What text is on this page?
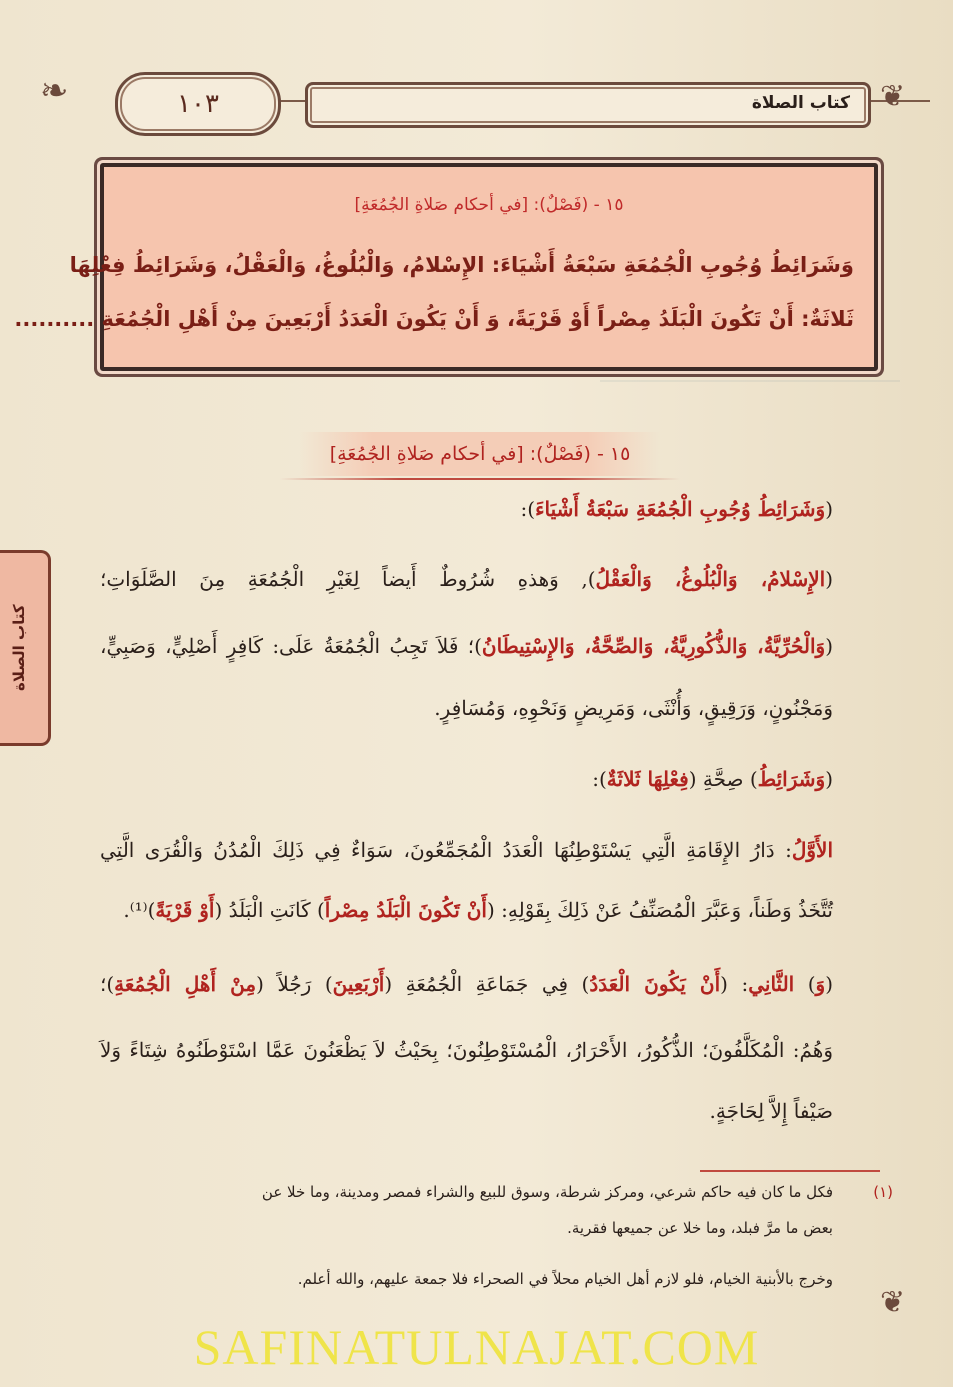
❦
كتاب الصلاة
١٠٣
❧
١٥ - (فَصْلٌ): [في أحكام صَلاةِ الجُمُعَةِ]
وَشَرَائِطُ وُجُوبِ الْجُمُعَةِ سَبْعَةُ أَشْيَاءَ: الإِسْلامُ، وَالْبُلُوغُ، وَالْعَقْلُ، وَشَرَائِطُ فِعْلِهَا
ثَلاثَةٌ: أَنْ تَكُونَ الْبَلَدُ مِصْراً أَوْ قَرْيَةً، وَ أَنْ يَكُونَ الْعَدَدُ أَرْبَعِينَ مِنْ أَهْلِ الْجُمُعَةِ ..........
١٥ - (فَصْلٌ): [في أحكام صَلاةِ الجُمُعَةِ]
كتاب الصلاة
(وَشَرَائِطُ وُجُوبِ الْجُمُعَةِ سَبْعَةُ أَشْيَاءَ):
(الإِسْلامُ، وَالْبُلُوغُ، وَالْعَقْلُ), وَهذهِ شُرُوطٌ أَيضاً لِغَيْرِ الْجُمُعَةِ مِنَ الصَّلَوَاتِ؛
(وَالْحُرِّيَّةُ، وَالذُّكُورِيَّةُ، وَالصِّحَّةُ، وَالإِسْتِيطَانُ)؛ فَلاَ تَجِبُ الْجُمُعَةُ عَلَى: كَافِرٍ أَصْلِيٍّ، وَصَبِيٍّ،
وَمَجْنُونٍ، وَرَقِيقٍ، وَأُنْثَى، وَمَرِيضٍ وَنَحْوِهِ، وَمُسَافِرٍ.
(وَشَرَائِطُ) صِحَّةِ (فِعْلِهَا ثَلاثَةٌ):
الأَوَّلُ: دَارُ الإِقَامَةِ الَّتِي يَسْتَوْطِنُهَا الْعَدَدُ الْمُجَمِّعُونَ، سَوَاءٌ فِي ذَلِكَ الْمُدُنُ وَالْقُرَى الَّتِي
تُتَّخَذُ وَطَناً، وَعَبَّرَ الْمُصَنِّفُ عَنْ ذَلِكَ بِقَوْلِهِ: (أَنْ تَكُونَ الْبَلَدُ مِصْراً) كَانَتِ الْبَلَدُ (أَوْ قَرْيَةً)⁽¹⁾.
(وَ) الثَّانِي: (أَنْ يَكُونَ الْعَدَدُ) فِي جَمَاعَةِ الْجُمُعَةِ (أَرْبَعِينَ) رَجُلاً (مِنْ أَهْلِ الْجُمُعَةِ)؛
وَهُمُ: الْمُكَلَّفُونَ؛ الذُّكُورُ، الأَحْرَارُ، الْمُسْتَوْطِنُونَ؛ بِحَيْثُ لاَ يَظْعَنُونَ عَمَّا اسْتَوْطَنُوهُ شِتَاءً وَلاَ
صَيْفاً إِلاَّ لِحَاجَةٍ.
(١)
فكل ما كان فيه حاكم شرعي، ومركز شرطة، وسوق للبيع والشراء فمصر ومدينة، وما خلا عن
بعض ما مرَّ فبلد، وما خلا عن جميعها فقرية.
وخرج بالأبنية الخيام، فلو لازم أهل الخيام محلاً في الصحراء فلا جمعة عليهم، والله أعلم.
❦
SAFINATULNAJAT.COM
